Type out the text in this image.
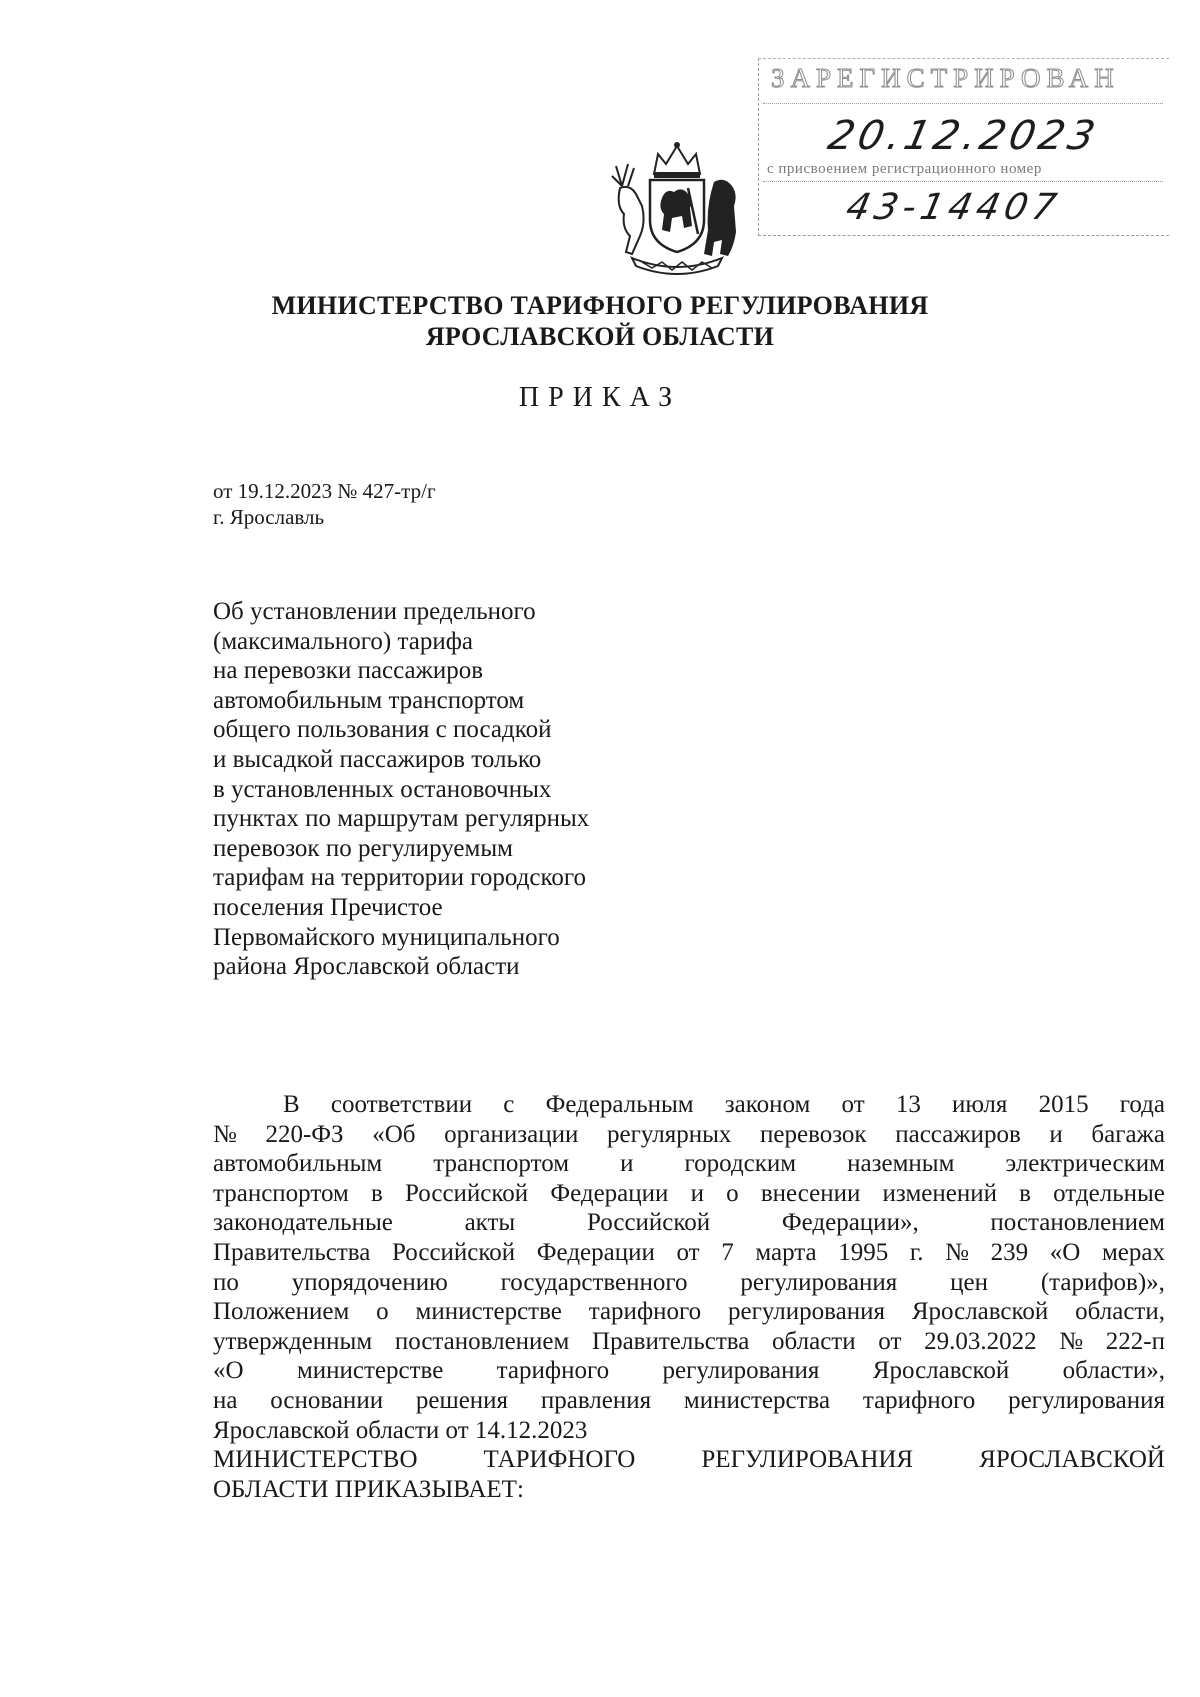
ЗАРЕГИСТРИРОВАН
20.12.2023
с присвоением регистрационного номер
43-14407
МИНИСТЕРСТВО ТАРИФНОГО РЕГУЛИРОВАНИЯ
ЯРОСЛАВСКОЙ ОБЛАСТИ
ПРИКАЗ
от 19.12.2023 № 427-тр/г
г. Ярославль
Об установлении предельного
(максимального) тарифа
на перевозки пассажиров
автомобильным транспортом
общего пользования с посадкой
и высадкой пассажиров только
в установленных остановочных
пунктах по маршрутам регулярных
перевозок по регулируемым
тарифам на территории городского
поселения Пречистое
Первомайского муниципального
района Ярославской области
В соответствии с Федеральным законом от 13 июля 2015 года
№ 220-ФЗ «Об организации регулярных перевозок пассажиров и багажа
автомобильным транспортом и городским наземным электрическим
транспортом в Российской Федерации и о внесении изменений в отдельные
законодательные	акты	Российской	Федерации»,	постановлением
Правительства Российской Федерации от 7 марта 1995 г. № 239 «О мерах
по упорядочению государственного регулирования цен (тарифов)»,
Положением о министерстве тарифного регулирования Ярославской области,
утвержденным постановлением Правительства области от 29.03.2022 № 222-п
«О министерстве тарифного регулирования Ярославской области»,
на основании решения правления министерства тарифного регулирования
Ярославской области от 14.12.2023
МИНИСТЕРСТВО	ТАРИФНОГО	РЕГУЛИРОВАНИЯ	ЯРОСЛАВСКОЙ
ОБЛАСТИ ПРИКАЗЫВАЕТ:
